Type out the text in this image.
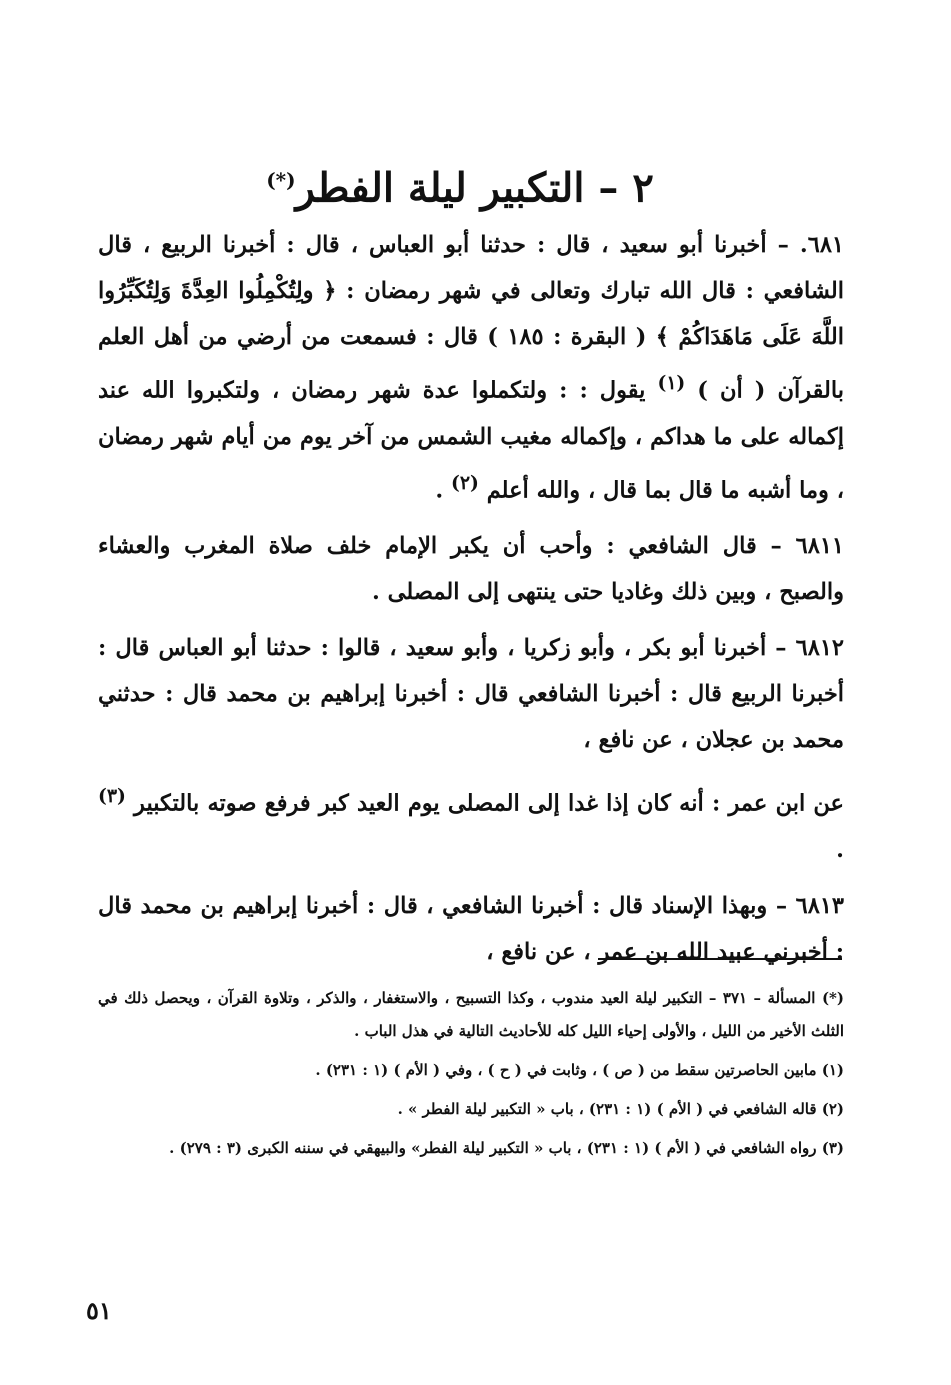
٢ – التكبير ليلة الفطر(*)

٦٨١. – أخبرنا أبو سعيد ، قال : حدثنا أبو العباس ، قال : أخبرنا الربيع ، قال الشافعي : قال الله تبارك وتعالى في شهر رمضان : ﴿ ولِتُكْمِلُوا العِدَّةَ وَلِتُكَبِّرُوا اللَّهَ عَلَى مَاهَدَاكُمْ ﴾ ( البقرة : ١٨٥ ) قال : فسمعت من أرضي من أهل العلم بالقرآن ( أن ) $^{(١)}$ يقول : : ولتكملوا عدة شهر رمضان ، ولتكبروا الله عند إكماله على ما هداكم ، وإكماله مغيب الشمس من آخر يوم من أيام شهر رمضان ، وما أشبه ما قال بما قال ، والله أعلم $^{(٢)}$ .

٦٨١١ – قال الشافعي : وأحب أن يكبر الإمام خلف صلاة المغرب والعشاء والصبح ، وبين ذلك وغاديا حتى ينتهى إلى المصلى .

٦٨١٢ – أخبرنا أبو بكر ، وأبو زكريا ، وأبو سعيد ، قالوا : حدثنا أبو العباس قال : أخبرنا الربيع قال : أخبرنا الشافعي قال : أخبرنا إبراهيم بن محمد قال : حدثني محمد بن عجلان ، عن نافع ،

عن ابن عمر : أنه كان إذا غدا إلى المصلى يوم العيد كبر فرفع صوته بالتكبير $^{(٣)}$ .

٦٨١٣ – وبهذا الإسناد قال : أخبرنا الشافعي ، قال : أخبرنا إبراهيم بن محمد قال : أخبرني عبيد الله بن عمر ، عن نافع ،

(*) المسألة – ٣٧١ – التكبير ليلة العيد مندوب ، وكذا التسبيح ، والاستغفار ، والذكر ، وتلاوة القرآن ، ويحصل ذلك في الثلث الأخير من الليل ، والأولى إحياء الليل كله للأحاديث التالية في هذل الباب .

(١) مابين الحاصرتين سقط من ( ص ) ، وثابت في ( ح ) ، وفي ( الأم ) (١ : ٢٣١) .

(٢) قاله الشافعي في ( الأم ) (١ : ٢٣١) ، باب « التكبير ليلة الفطر » .

(٣) رواه الشافعي في ( الأم ) (١ : ٢٣١) ، باب « التكبير ليلة الفطر» والبيهقي في سننه الكبرى (٣ : ٢٧٩) .

٥١
